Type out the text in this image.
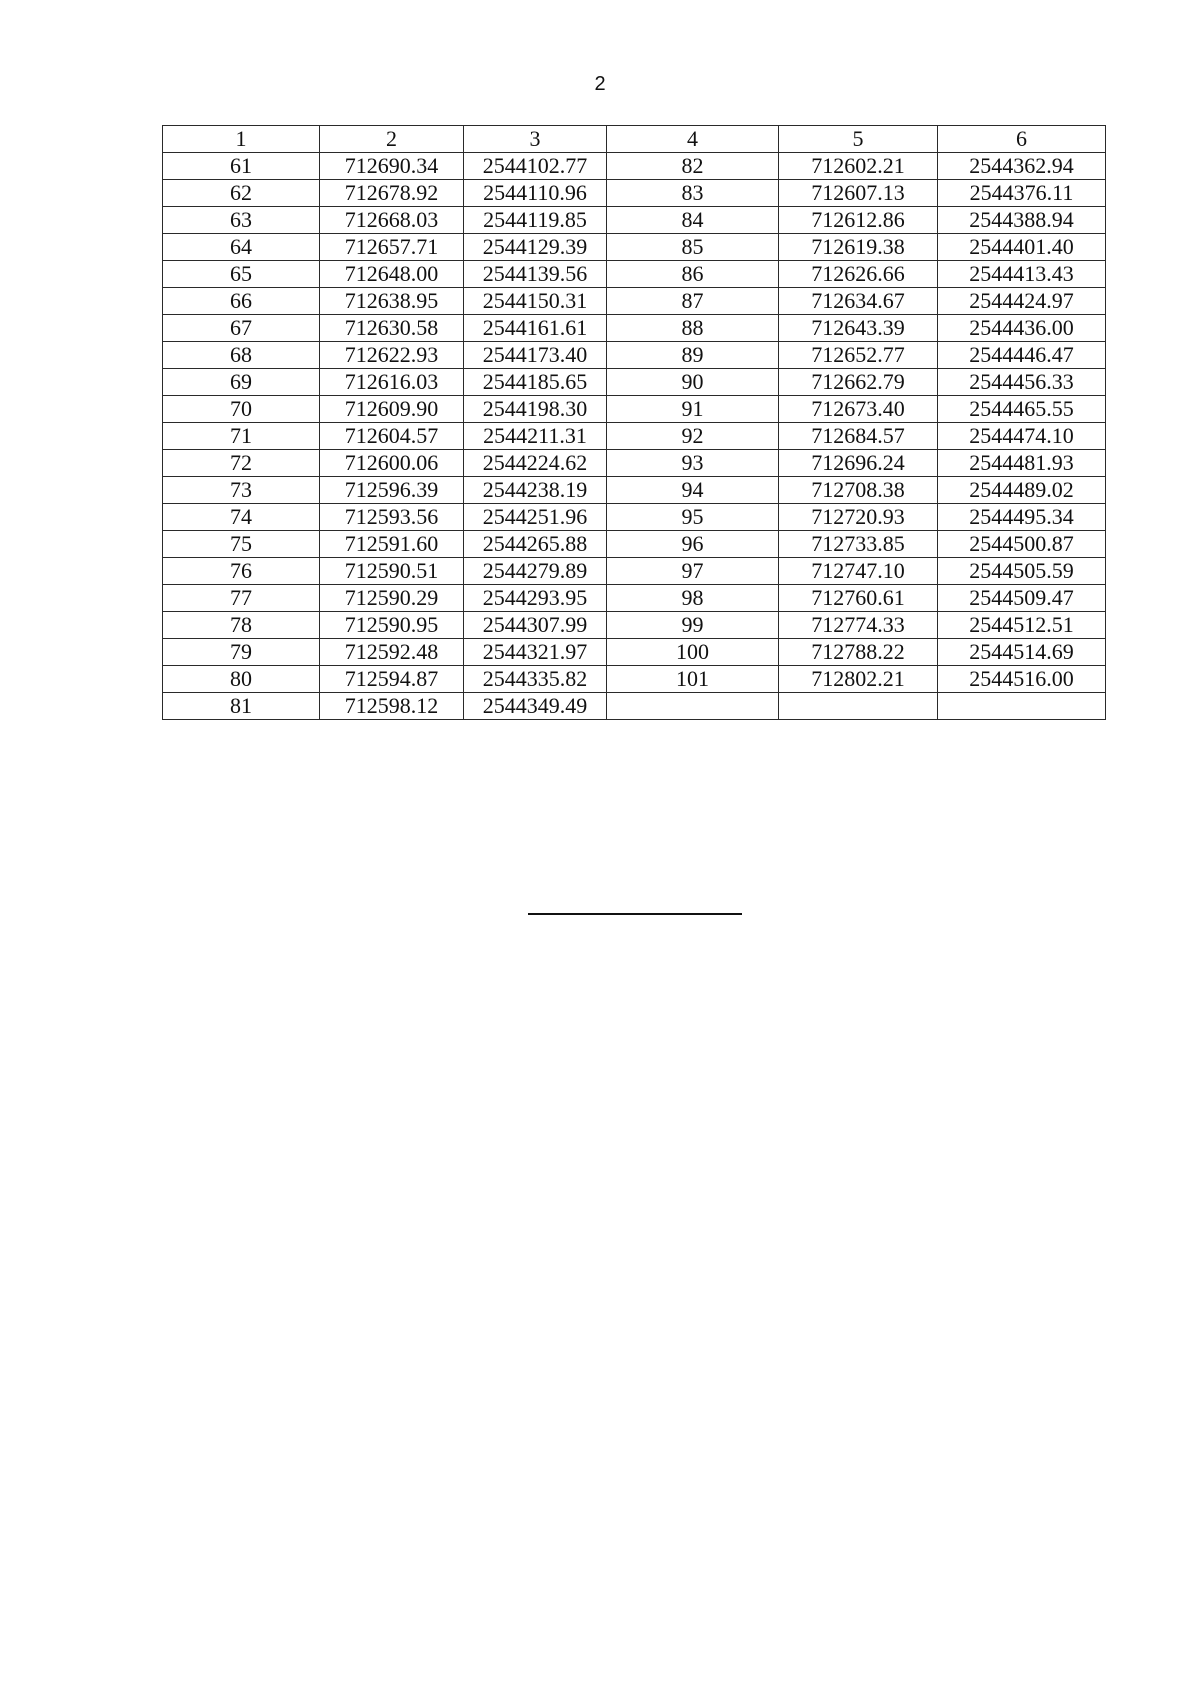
2
1	2	3	4	5	6
61	712690.34	2544102.77	82	712602.21	2544362.94
62	712678.92	2544110.96	83	712607.13	2544376.11
63	712668.03	2544119.85	84	712612.86	2544388.94
64	712657.71	2544129.39	85	712619.38	2544401.40
65	712648.00	2544139.56	86	712626.66	2544413.43
66	712638.95	2544150.31	87	712634.67	2544424.97
67	712630.58	2544161.61	88	712643.39	2544436.00
68	712622.93	2544173.40	89	712652.77	2544446.47
69	712616.03	2544185.65	90	712662.79	2544456.33
70	712609.90	2544198.30	91	712673.40	2544465.55
71	712604.57	2544211.31	92	712684.57	2544474.10
72	712600.06	2544224.62	93	712696.24	2544481.93
73	712596.39	2544238.19	94	712708.38	2544489.02
74	712593.56	2544251.96	95	712720.93	2544495.34
75	712591.60	2544265.88	96	712733.85	2544500.87
76	712590.51	2544279.89	97	712747.10	2544505.59
77	712590.29	2544293.95	98	712760.61	2544509.47
78	712590.95	2544307.99	99	712774.33	2544512.51
79	712592.48	2544321.97	100	712788.22	2544514.69
80	712594.87	2544335.82	101	712802.21	2544516.00
81	712598.12	2544349.49			
